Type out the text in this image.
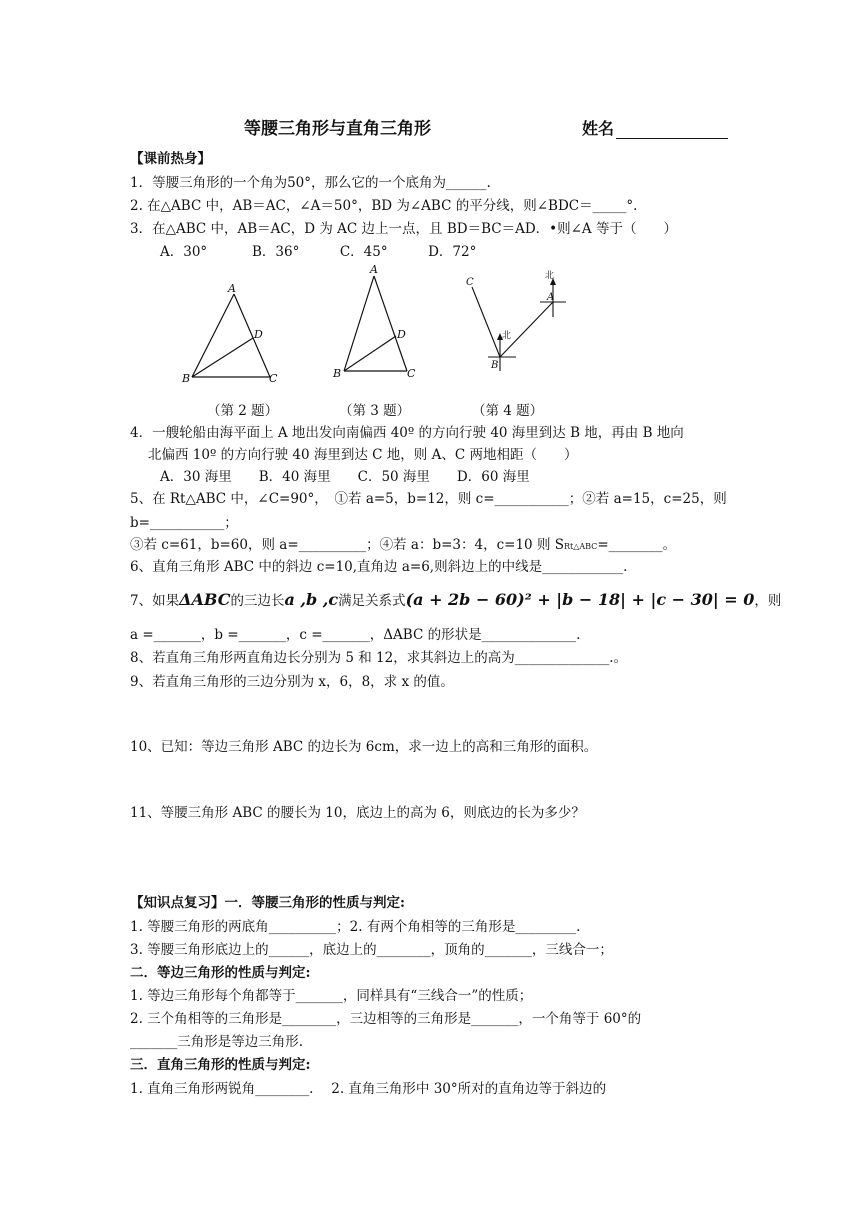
等腰三角形与直角三角形	姓名
【课前热身】
1．等腰三角形的一个角为50°，那么它的一个底角为______.
2. 在△ABC 中，AB＝AC，∠A＝50°，BD 为∠ABC 的平分线，则∠BDC＝_____°.
3．在△ABC 中，AB＝AC，D 为 AC 边上一点，且 BD＝BC＝AD．•则∠A 等于（　　）
A．30°　　　 B．36°　　　C．45°　　　D．72°
A
B	C
D
A
B	C
D
C
B
A
北
北
（第 2 题）	（第 3 题）	（第 4 题）
4．一艘轮船由海平面上 A 地出发向南偏西 40º 的方向行驶 40 海里到达 B 地，再由 B 地向
北偏西 10º 的方向行驶 40 海里到达 C 地，则 A、C 两地相距（　　）
A．30 海里　　B．40 海里　　C．50 海里　　D．60 海里
5、在 Rt△ABC 中，∠C=90°，　①若 a=5，b=12，则 c=___________；②若 a=15，c=25，则
b=___________；
③若 c=61，b=60，则 a=__________；④若 a：b=3：4，c=10 则 SRt△ABC=________。
6、直角三角形 ABC 中的斜边 c=10,直角边 a=6,则斜边上的中线是____________.
7、如果ΔABC的三边长a ,b ,c满足关系式(a + 2b − 60)² + |b − 18| + |c − 30| = 0，则
a =_______，b =_______，c =_______，ΔABC 的形状是______________.
8、若直角三角形两直角边长分别为 5 和 12，求其斜边上的高为______________.。
9、若直角三角形的三边分别为 x，6，8，求 x 的值。
10、已知：等边三角形 ABC 的边长为 6cm，求一边上的高和三角形的面积。
11、等腰三角形 ABC 的腰长为 10，底边上的高为 6，则底边的长为多少？
【知识点复习】一．等腰三角形的性质与判定:
1. 等腰三角形的两底角__________；2. 有两个角相等的三角形是_________.
3. 等腰三角形底边上的______，底边上的________，顶角的_______，三线合一；
二．等边三角形的性质与判定:
1. 等边三角形每个角都等于_______，同样具有“三线合一”的性质；
2. 三个角相等的三角形是________，三边相等的三角形是_______，一个角等于 60°的
_______三角形是等边三角形.
三．直角三角形的性质与判定:
1. 直角三角形两锐角________.　 2. 直角三角形中 30°所对的直角边等于斜边的
